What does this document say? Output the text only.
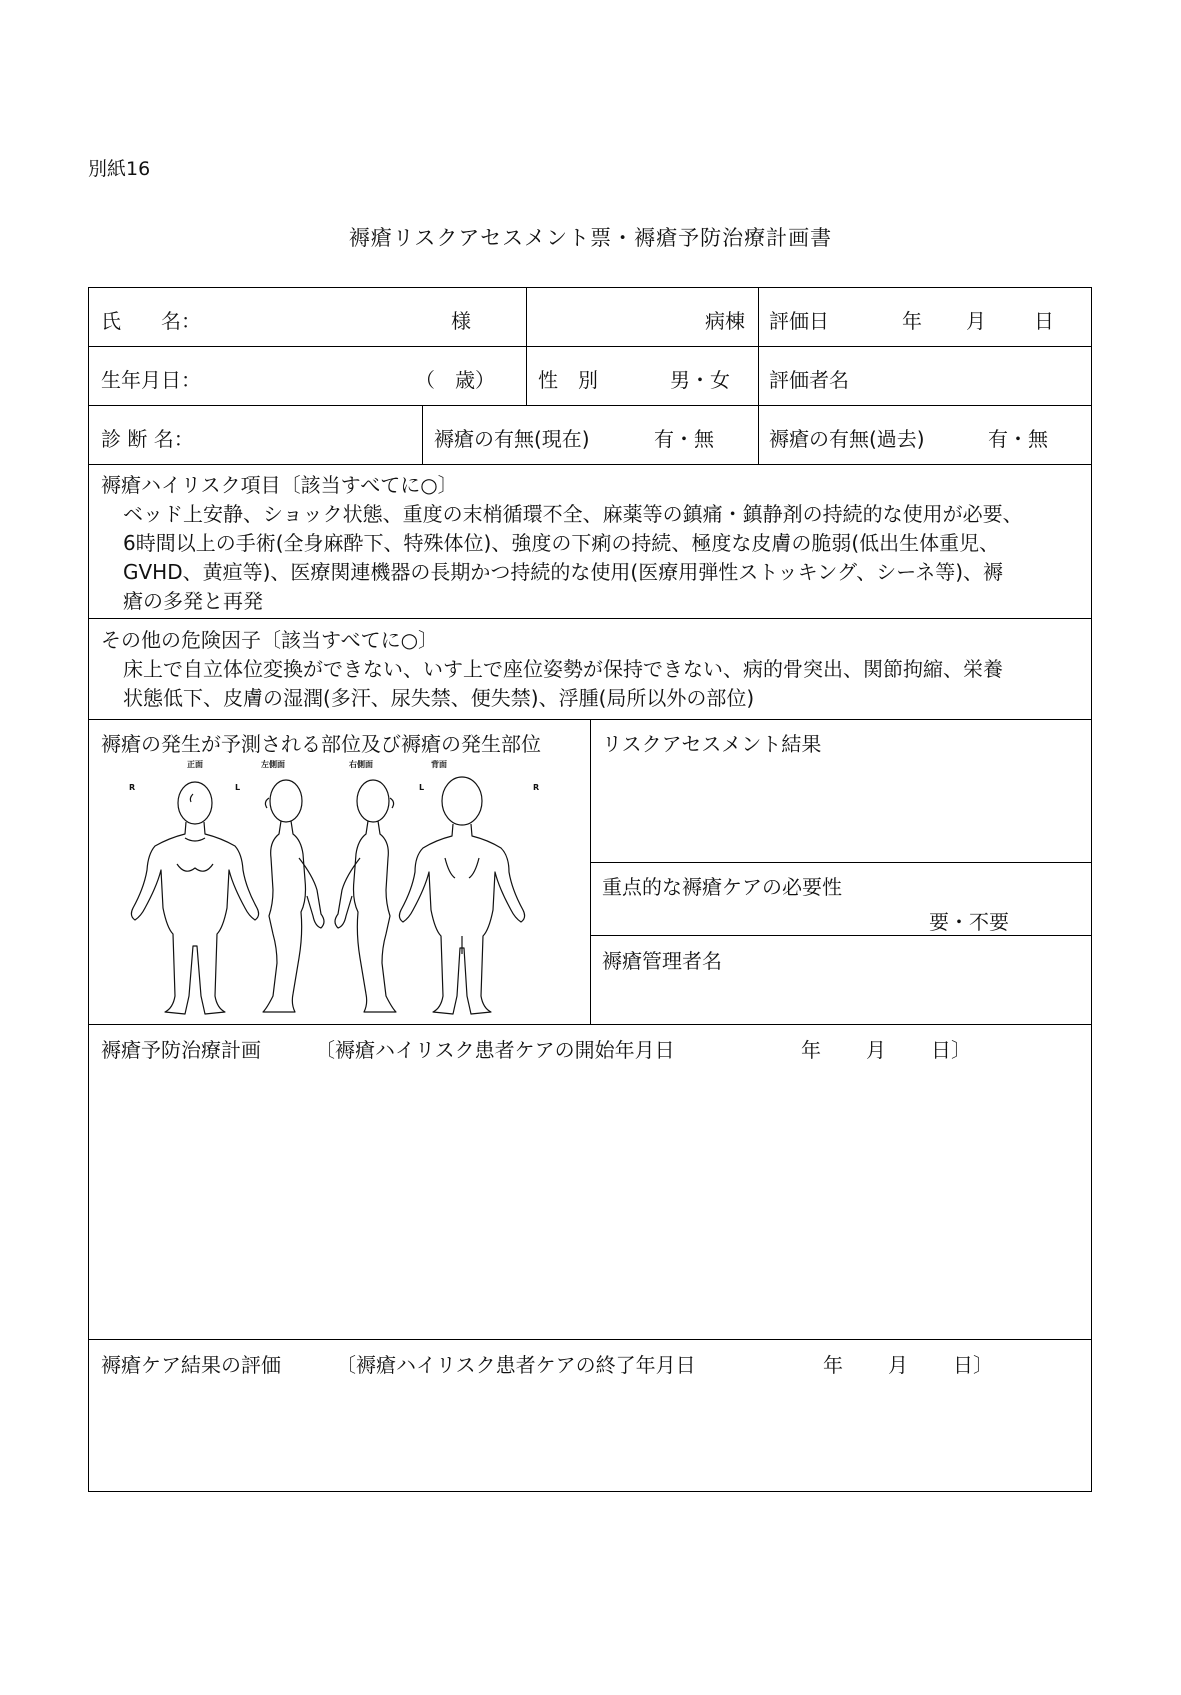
別紙16
褥瘡リスクアセスメント票・褥瘡予防治療計画書
氏　　名：	様	病棟 評価日	年 月 日
生年月日：	（　歳） 性　別	男・女 評価者名
診 断 名：	褥瘡の有無(現在)	有・無	褥瘡の有無(過去)	有・無
褥瘡ハイリスク項目〔該当すべてに○〕
ベッド上安静、ショック状態、重度の末梢循環不全、麻薬等の鎮痛・鎮静剤の持続的な使用が必要、
6時間以上の手術(全身麻酔下、特殊体位)、強度の下痢の持続、極度な皮膚の脆弱(低出生体重児、
GVHD、黄疸等)、医療関連機器の長期かつ持続的な使用(医療用弾性ストッキング、シーネ等)、褥
瘡の多発と再発
その他の危険因子〔該当すべてに○〕
床上で自立体位変換ができない、いす上で座位姿勢が保持できない、病的骨突出、関節拘縮、栄養
状態低下、皮膚の湿潤(多汗、尿失禁、便失禁)、浮腫(局所以外の部位)
褥瘡の発生が予測される部位及び褥瘡の発生部位
正面	左側面	右側面	背面
R	L	L	R
リスクアセスメント結果
重点的な褥瘡ケアの必要性
要・不要
褥瘡管理者名
褥瘡予防治療計画	〔褥瘡ハイリスク患者ケアの開始年月日	年 月 日〕
褥瘡ケア結果の評価	〔褥瘡ハイリスク患者ケアの終了年月日	年 月 日〕
